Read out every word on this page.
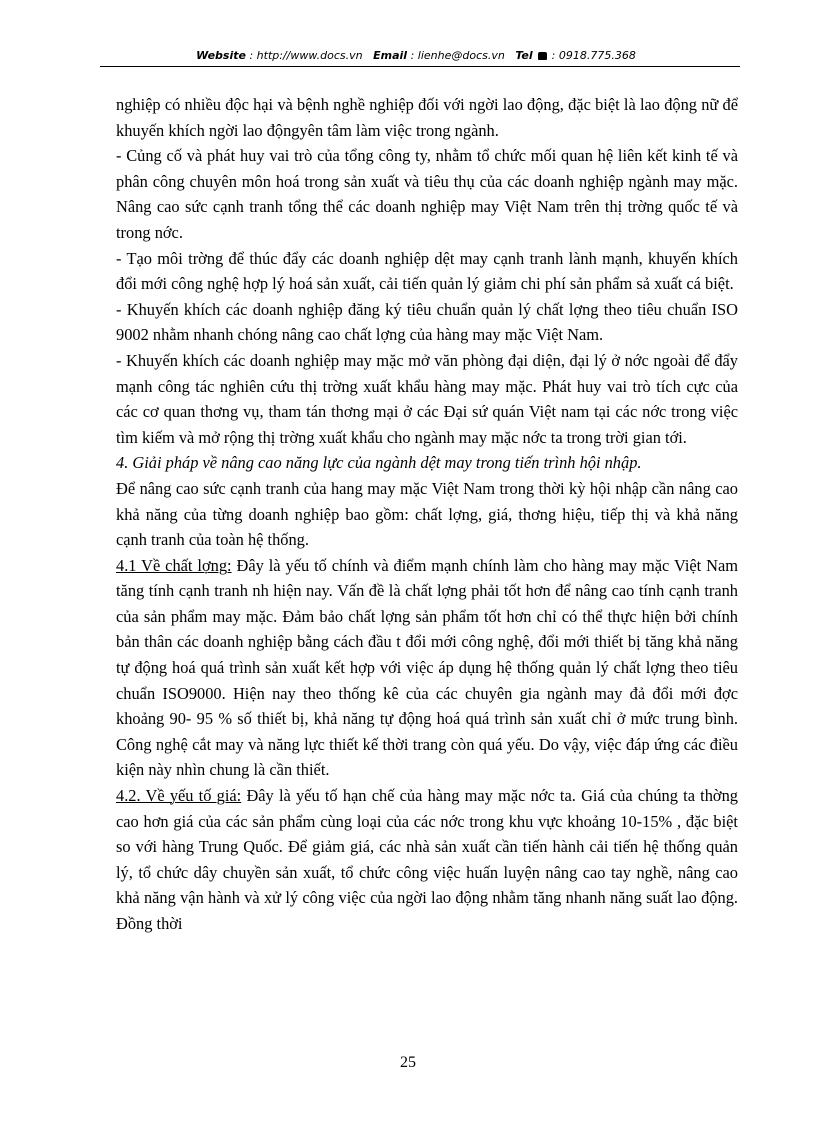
Website : http://www.docs.vn Email : lienhe@docs.vn Tel : 0918.775.368

nghiệp có nhiều độc hại và bệnh nghề nghiệp đối với ngời lao động, đặc biệt là lao động nữ để khuyến khích ngời lao độngyên tâm làm việc trong ngành.

- Củng cố và phát huy vai trò của tổng công ty, nhằm tổ chức mối quan hệ liên kết kinh tế và phân công chuyên môn hoá trong sản xuất và tiêu thụ của các doanh nghiệp ngành may mặc. Nâng cao sức cạnh tranh tổng thể các doanh nghiệp may Việt Nam trên thị trờng quốc tế và trong nớc.

- Tạo môi trờng để thúc đẩy các doanh nghiệp dệt may cạnh tranh lành mạnh, khuyến khích đổi mới công nghệ hợp lý hoá sản xuất, cải tiến quản lý giảm chi phí sản phẩm sả xuất cá biệt.

- Khuyến khích các doanh nghiệp đăng ký tiêu chuẩn quản lý chất lợng theo tiêu chuẩn ISO 9002 nhằm nhanh chóng nâng cao chất lợng của hàng may mặc Việt Nam.

- Khuyến khích các doanh nghiệp may mặc mở văn phòng đại diện, đại lý ở nớc ngoài để đẩy mạnh công tác nghiên cứu thị trờng xuất khẩu hàng may mặc. Phát huy vai trò tích cực của các cơ quan thơng vụ, tham tán thơng mại ở các Đại sứ quán Việt nam tại các nớc trong việc tìm kiếm và mở rộng thị trờng xuất khẩu cho ngành may mặc nớc ta trong trời gian tới.

4. Giải pháp về nâng cao năng lực của ngành dệt may trong tiến trình hội nhập.

Để nâng cao sức cạnh tranh của hang may mặc Việt Nam trong thời kỳ hội nhập cần nâng cao khả năng của từng doanh nghiệp bao gồm: chất lợng, giá, thơng hiệu, tiếp thị và khả năng cạnh tranh của toàn hệ thống.

4.1 Về chất lợng: Đây là yếu tố chính và điểm mạnh chính làm cho hàng may mặc Việt Nam tăng tính cạnh tranh nh hiện nay. Vấn đề là chất lợng phải tốt hơn để nâng cao tính cạnh tranh của sản phẩm may mặc. Đảm bảo chất lợng sản phẩm tốt hơn chỉ có thể thực hiện bởi chính bản thân các doanh nghiệp bằng cách đầu t đổi mới công nghệ, đổi mới thiết bị tăng khả năng tự động hoá quá trình sản xuất kết hợp với việc áp dụng hệ thống quản lý chất lợng theo tiêu chuẩn ISO9000. Hiện nay theo thống kê của các chuyên gia ngành may đả đổi mới đợc khoảng 90- 95 % số thiết bị, khả năng tự động hoá quá trình sản xuất chỉ ở mức trung bình. Công nghệ cắt may và năng lực thiết kế thời trang còn quá yếu. Do vậy, việc đáp ứng các điều kiện này nhìn chung là cần thiết.

4.2. Về yếu tố giá: Đây là yếu tố hạn chế của hàng may mặc nớc ta. Giá của chúng ta thờng cao hơn giá của các sản phẩm cùng loại của các nớc trong khu vực khoảng 10-15% , đặc biệt so với hàng Trung Quốc. Để giảm giá, các nhà sản xuất cần tiến hành cải tiến hệ thống quản lý, tổ chức dây chuyền sản xuất, tổ chức công việc huấn luyện nâng cao tay nghề, nâng cao khả năng vận hành và xử lý công việc của ngời lao động nhằm tăng nhanh năng suất lao động. Đồng thời

25
